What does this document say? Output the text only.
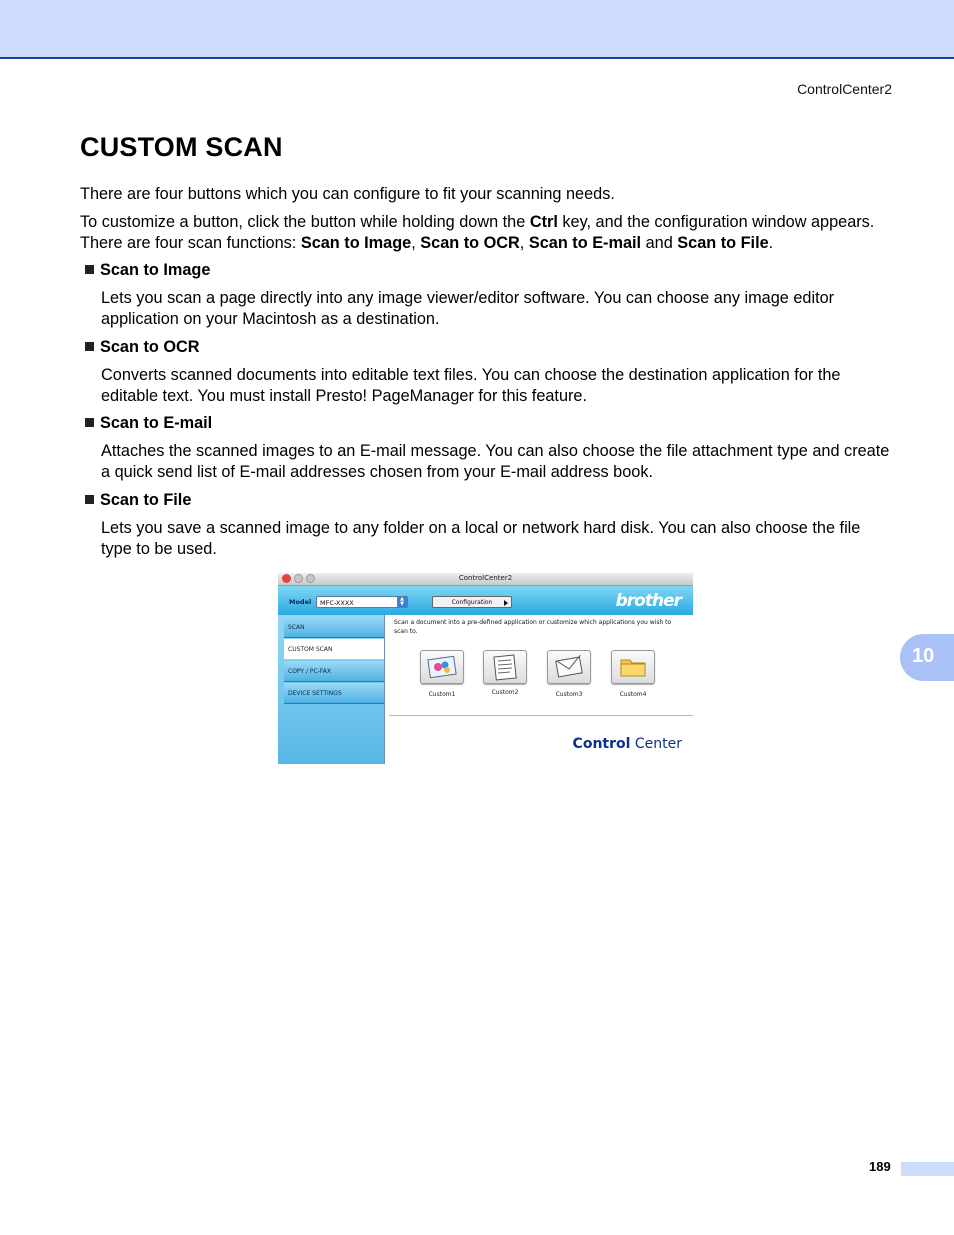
ControlCenter2
CUSTOM SCAN

There are four buttons which you can configure to fit your scanning needs.

To customize a button, click the button while holding down the Ctrl key, and the configuration window appears. There are four scan functions: Scan to Image, Scan to OCR, Scan to E-mail and Scan to File.

Scan to Image

Lets you scan a page directly into any image viewer/editor software. You can choose any image editor application on your Macintosh as a destination.

Scan to OCR

Converts scanned documents into editable text files. You can choose the destination application for the editable text. You must install Presto! PageManager for this feature.

Scan to E-mail

Attaches the scanned images to an E-mail message. You can also choose the file attachment type and create a quick send list of E-mail addresses chosen from your E-mail address book.

Scan to File

Lets you save a scanned image to any folder on a local or network hard disk. You can also choose the file type to be used.

ControlCenter2
Model	MFC-XXXX	▲
▼	Configuration	brother
SCAN
CUSTOM SCAN
COPY / PC-FAX
DEVICE SETTINGS
Scan a document into a pre-defined application or customize which applications you wish to scan to.
Custom1	Custom2	Custom3	Custom4
Control Center
10
189
